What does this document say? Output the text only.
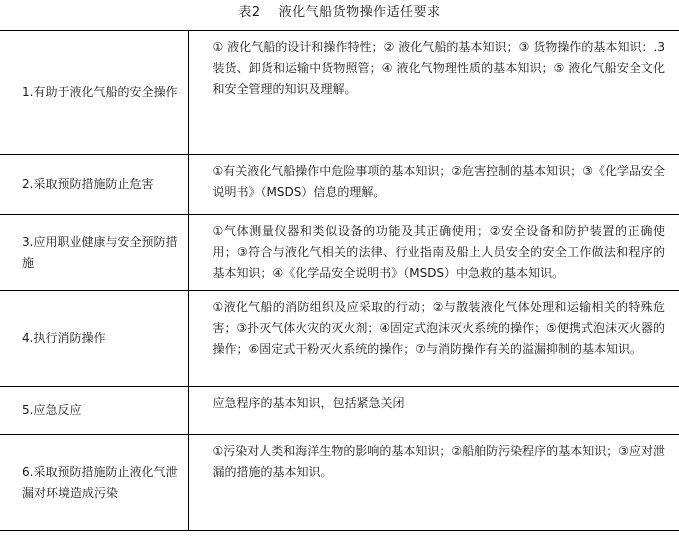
表2 液化气船货物操作适任要求
1.有助于液化气船的安全操作	① 液化气船的设计和操作特性；② 液化气船的基本知识；③ 货物操作的基本知识：.3 装货、卸货和运输中货物照管；④ 液化气物理性质的基本知识；⑤ 液化气船安全文化和安全管理的知识及理解。
2.采取预防措施防止危害	①有关液化气船操作中危险事项的基本知识；②危害控制的基本知识；③《化学品安全说明书》（MSDS）信息的理解。
3.应用职业健康与安全预防措施	①气体测量仪器和类似设备的功能及其正确使用；②安全设备和防护装置的正确使用；③符合与液化气相关的法律、行业指南及船上人员安全的安全工作做法和程序的基本知识；④《化学品安全说明书》（MSDS）中急救的基本知识。
4.执行消防操作	①液化气船的消防组织及应采取的行动；②与散装液化气体处理和运输相关的特殊危害；③扑灭气体火灾的灭火剂；④固定式泡沫灭火系统的操作；⑤便携式泡沫灭火器的操作；⑥固定式干粉灭火系统的操作；⑦与消防操作有关的溢漏抑制的基本知识。
5.应急反应	应急程序的基本知识，包括紧急关闭
6.采取预防措施防止液化气泄漏对环境造成污染	①污染对人类和海洋生物的影响的基本知识；②船舶防污染程序的基本知识；③应对泄漏的措施的基本知识。
